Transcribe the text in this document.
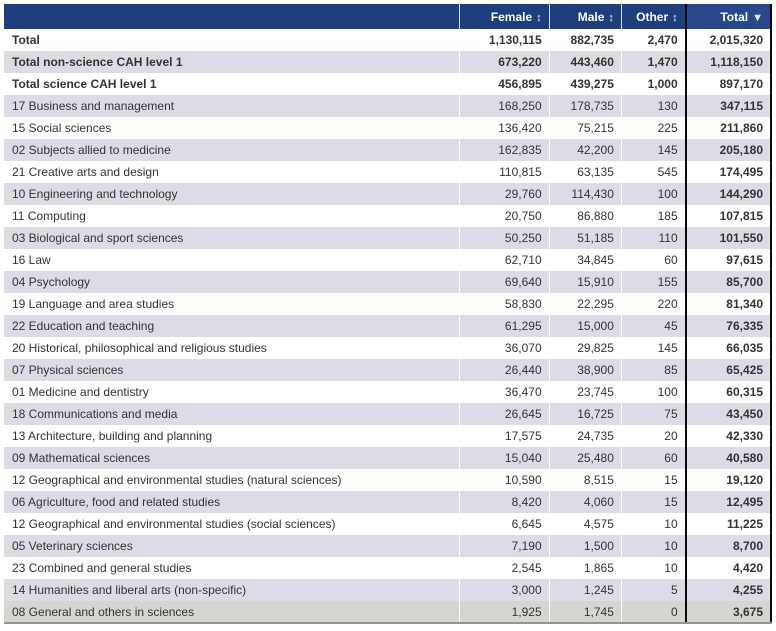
	Female ↕	Male ↕	Other ↕	Total ▼
Total	1,130,115	882,735	2,470	2,015,320
Total non-science CAH level 1	673,220	443,460	1,470	1,118,150
Total science CAH level 1	456,895	439,275	1,000	897,170
17 Business and management	168,250	178,735	130	347,115
15 Social sciences	136,420	75,215	225	211,860
02 Subjects allied to medicine	162,835	42,200	145	205,180
21 Creative arts and design	110,815	63,135	545	174,495
10 Engineering and technology	29,760	114,430	100	144,290
11 Computing	20,750	86,880	185	107,815
03 Biological and sport sciences	50,250	51,185	110	101,550
16 Law	62,710	34,845	60	97,615
04 Psychology	69,640	15,910	155	85,700
19 Language and area studies	58,830	22,295	220	81,340
22 Education and teaching	61,295	15,000	45	76,335
20 Historical, philosophical and religious studies	36,070	29,825	145	66,035
07 Physical sciences	26,440	38,900	85	65,425
01 Medicine and dentistry	36,470	23,745	100	60,315
18 Communications and media	26,645	16,725	75	43,450
13 Architecture, building and planning	17,575	24,735	20	42,330
09 Mathematical sciences	15,040	25,480	60	40,580
12 Geographical and environmental studies (natural sciences)	10,590	8,515	15	19,120
06 Agriculture, food and related studies	8,420	4,060	15	12,495
12 Geographical and environmental studies (social sciences)	6,645	4,575	10	11,225
05 Veterinary sciences	7,190	1,500	10	8,700
23 Combined and general studies	2,545	1,865	10	4,420
14 Humanities and liberal arts (non-specific)	3,000	1,245	5	4,255
08 General and others in sciences	1,925	1,745	0	3,675
